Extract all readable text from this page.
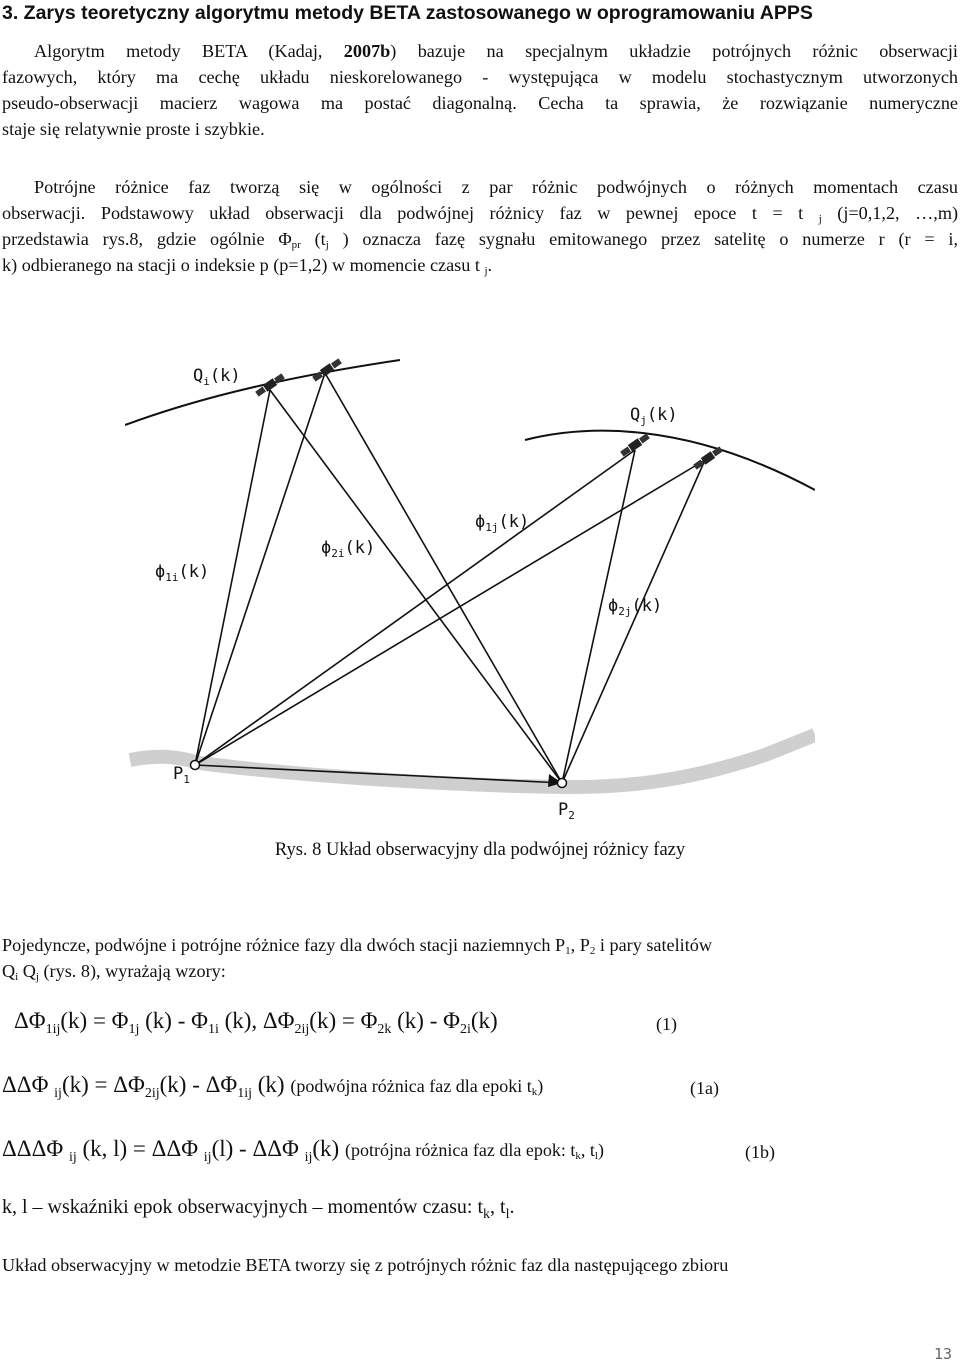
3. Zarys teoretyczny algorytmu metody BETA zastosowanego w oprogramowaniu APPS
Algorytm metody BETA (Kadaj, 2007b) bazuje na specjalnym układzie potrójnych różnic obserwacji
fazowych, który ma cechę układu nieskorelowanego - występująca w modelu stochastycznym utworzonych
pseudo-obserwacji macierz wagowa ma postać diagonalną. Cecha ta sprawia, że rozwiązanie numeryczne
staje się relatywnie proste i szybkie.
Potrójne różnice faz tworzą się w ogólności z par różnic podwójnych o różnych momentach czasu
obserwacji. Podstawowy układ obserwacji dla podwójnej różnicy faz w pewnej epoce t = t $_j$ (j=0,1,2, …,m)
przedstawia rys.8, gdzie ogólnie $\Phi_{pr}$ ($t_j$ ) oznacza fazę sygnału emitowanego przez satelitę o numerze r (r = i,
k) odbieranego na stacji o indeksie p (p=1,2) w momencie czasu t $_j$.
$Q_i(k)$
$Q_j(k)$
$\phi_{1i}(k)$
$\phi_{2i}(k)$
$\phi_{1j}(k)$
$\phi_{2j}(k)$
$P_1$
$P_2$
Rys. 8 Układ obserwacyjny dla podwójnej różnicy fazy
Pojedyncze, podwójne i potrójne różnice fazy dla dwóch stacji naziemnych $P_1$, $P_2$ i pary satelitów
$Q_i$ $Q_j$ (rys. 8), wyrażają wzory:
$\Delta\Phi_{1ij}(k) = \Phi_{1j}$ $(k) - \Phi_{1i}$ (k), $\Delta\Phi_{2ij}(k) = \Phi_{2k}$ $(k) - \Phi_{2i}(k)$	(1)
ΔΔΦ $_{ij}(k) = \Delta\Phi_{2ij}(k) - \Delta\Phi_{1ij}$ (k) (podwójna różnica faz dla epoki $t_k$)	(1a)
ΔΔΔΦ $_{ij}$ (k, l) = ΔΔΦ $_{ij}$(l) - ΔΔΦ $_{ij}$(k) (potrójna różnica faz dla epok: $t_k$, $t_l$)	(1b)
k, l – wskaźniki epok obserwacyjnych – momentów czasu: $t_k$, $t_l$.
Układ obserwacyjny w metodzie BETA tworzy się z potrójnych różnic faz dla następującego zbioru
13
